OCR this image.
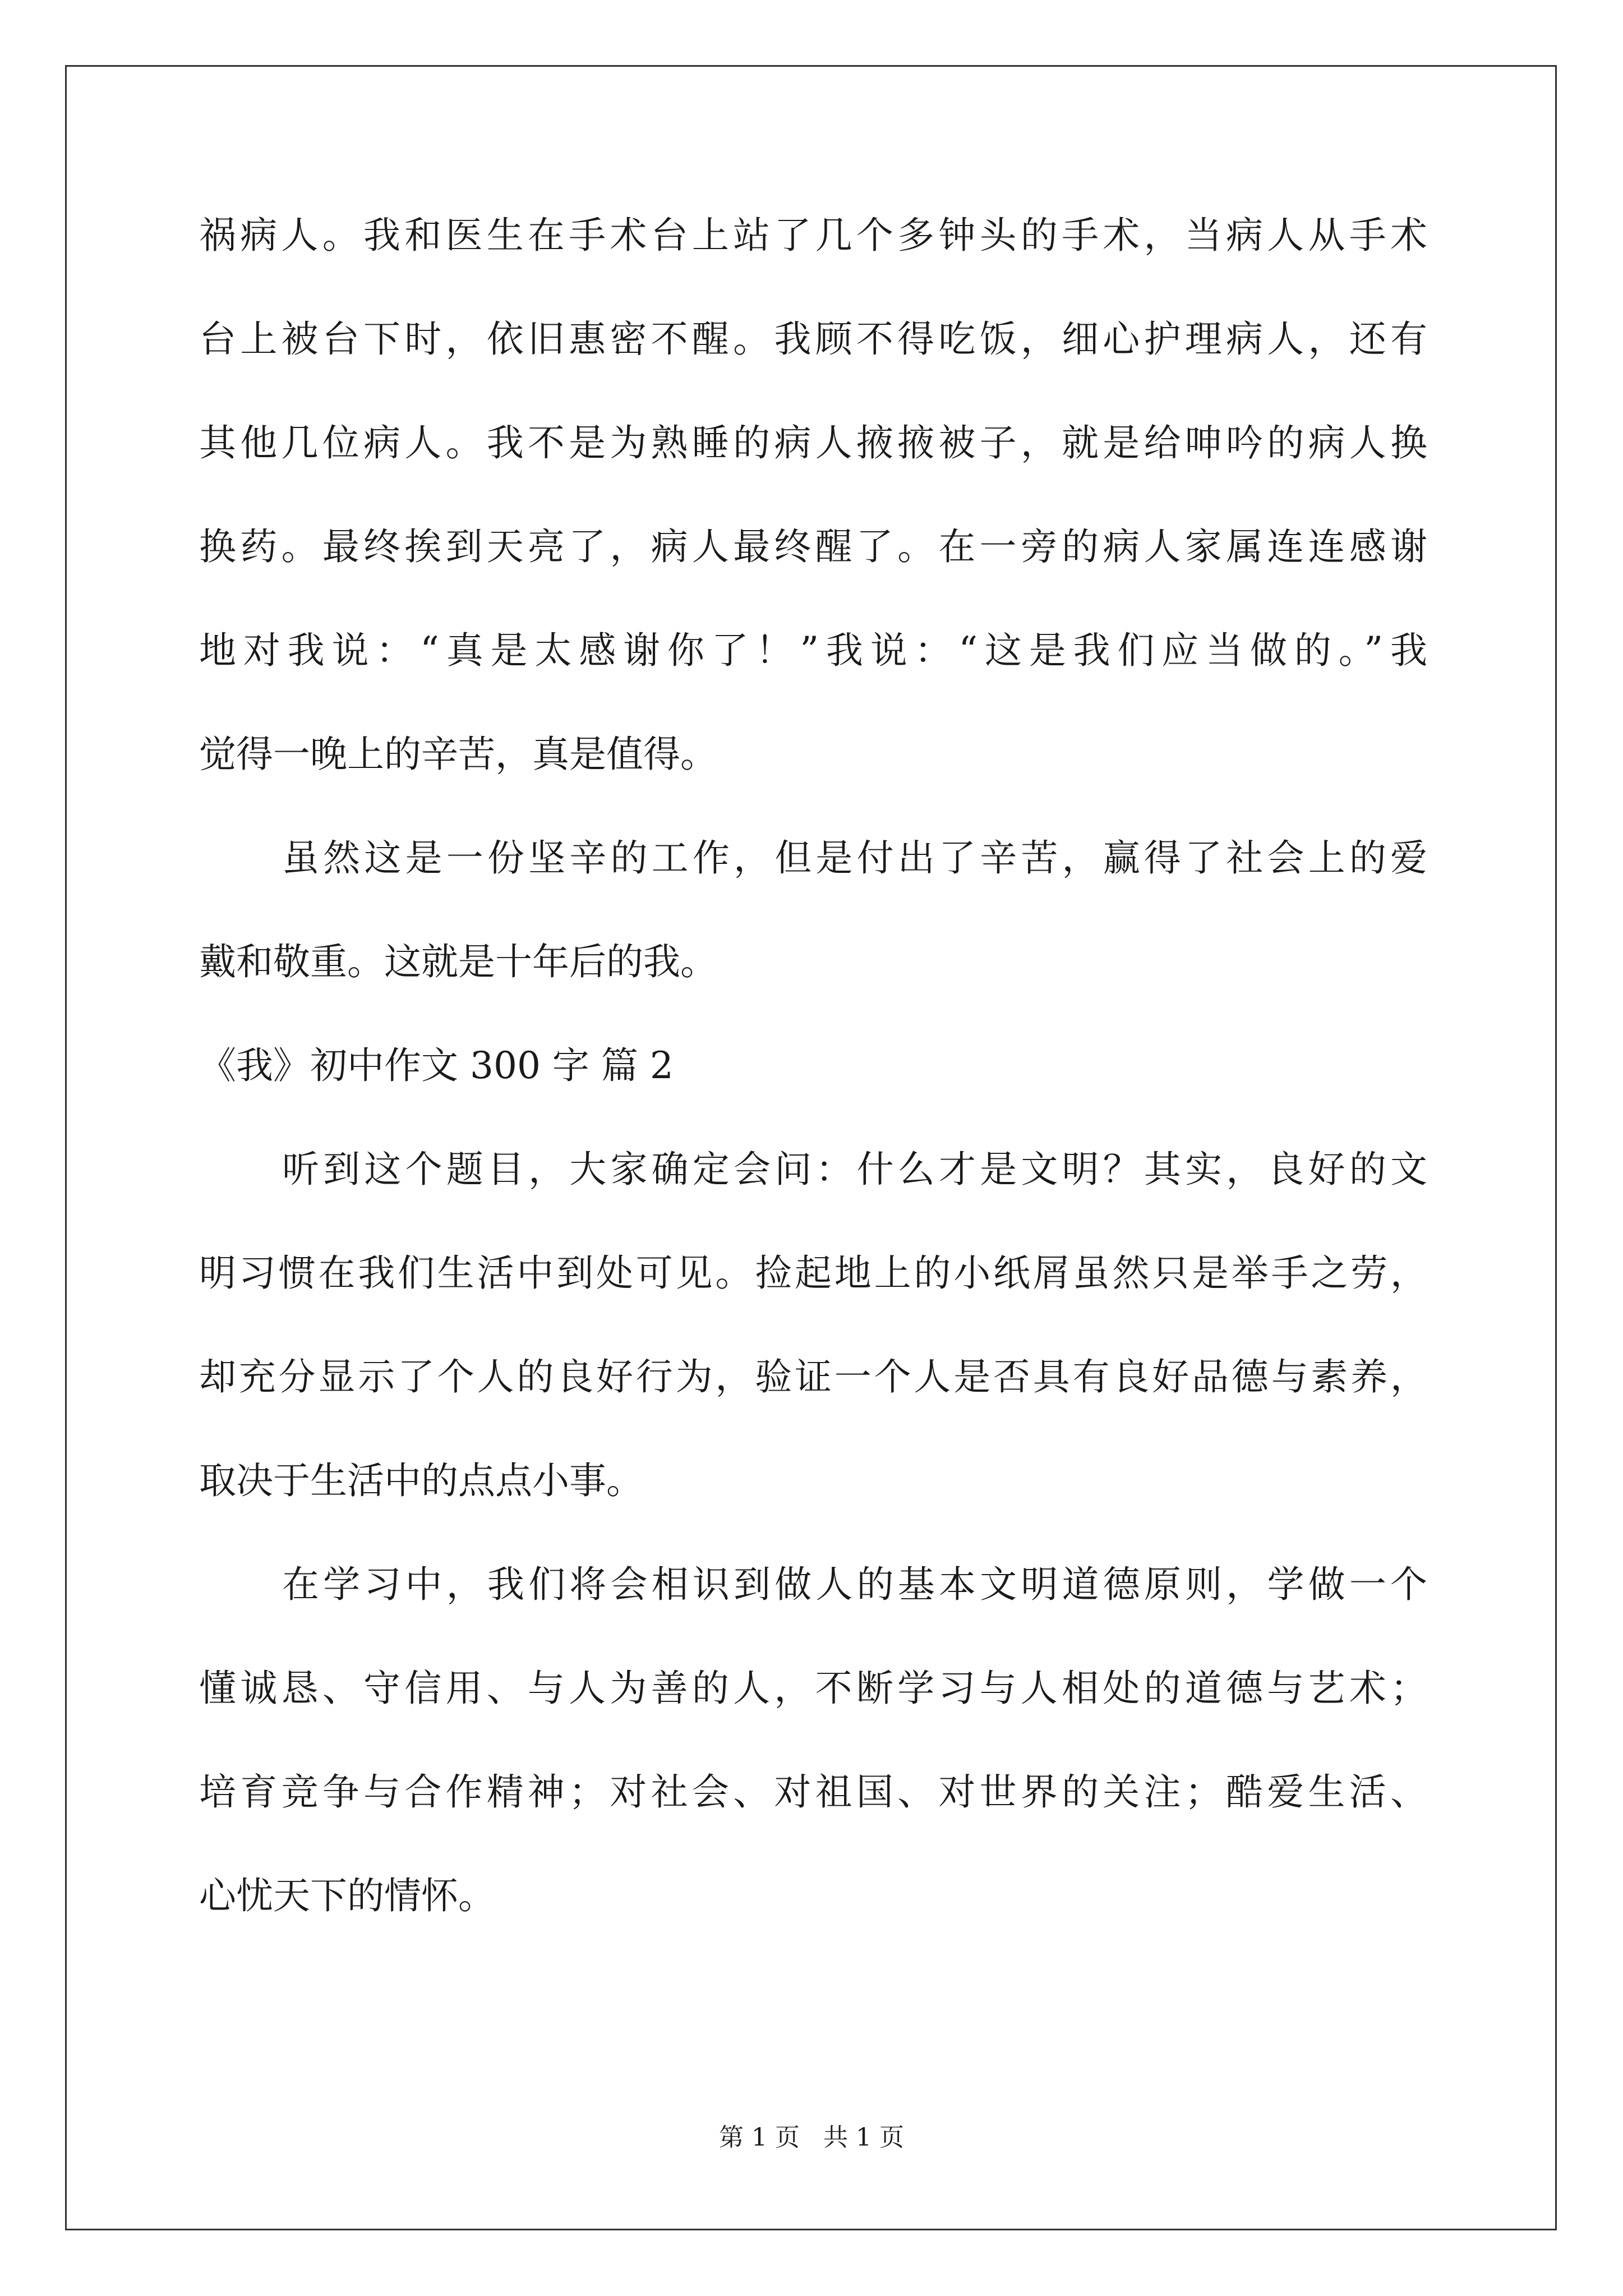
祸病人。我和医生在手术台上站了几个多钟头的手术，当病人从手术
台上被台下时，依旧惠密不醒。我顾不得吃饭，细心护理病人，还有
其他几位病人。我不是为熟睡的病人掖掖被子，就是给呻吟的病人换
换药。最终挨到天亮了，病人最终醒了。在一旁的病人家属连连感谢
地对我说：“真是太感谢你了！”我说：“这是我们应当做的。”我
觉得一晚上的辛苦，真是值得。
虽然这是一份坚辛的工作，但是付出了辛苦，赢得了社会上的爱
戴和敬重。这就是十年后的我。
《我》初中作文 300 字 篇 2
听到这个题目，大家确定会问：什么才是文明？其实，良好的文
明习惯在我们生活中到处可见。捡起地上的小纸屑虽然只是举手之劳，
却充分显示了个人的良好行为，验证一个人是否具有良好品德与素养，
取决于生活中的点点小事。
在学习中，我们将会相识到做人的基本文明道德原则，学做一个
懂诚恳、守信用、与人为善的人，不断学习与人相处的道德与艺术；
培育竞争与合作精神；对社会、对祖国、对世界的关注；酷爱生活、
心忧天下的情怀。
第 1 页 共 1 页
